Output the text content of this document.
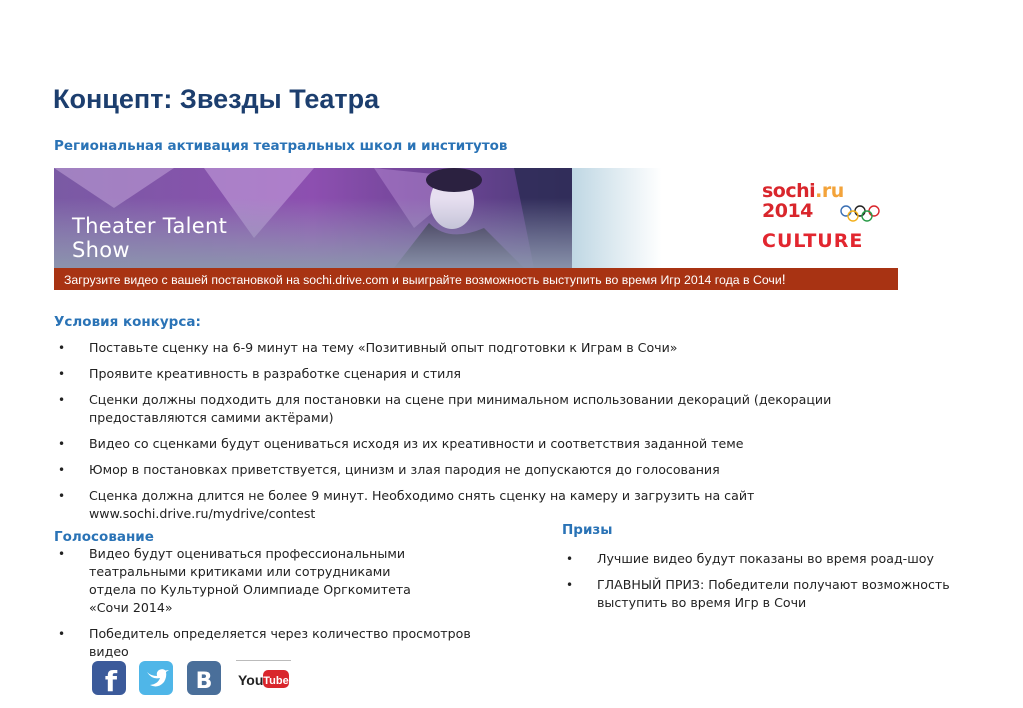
Концепт: Звезды Театра
Региональная активация театральных школ и институтов
Theater Talent
Show
sochi.ru
2014
CULTURE
Загрузите видео с вашей постановкой на sochi.drive.com и выиграйте возможность выступить во время Игр 2014 года в Сочи!
Условия конкурса:
• Поставьте сценку на 6-9 минут на тему «Позитивный опыт подготовки к Играм в Сочи»
• Проявите креативность в разработке сценария и стиля
• Сценки должны подходить для постановки на сцене при минимальном использовании декораций (декорации предоставляются самими актёрами)
• Видео со сценками будут оцениваться исходя из их креативности и соответствия заданной теме
• Юмор в постановках приветствуется, цинизм и злая пародия не допускаются до голосования
• Сценка должна длится не более 9 минут. Необходимо снять сценку на камеру и загрузить на сайт www.sochi.drive.ru/mydrive/contest
Голосование
• Видео будут оцениваться профессиональными театральными критиками или сотрудниками отдела по Культурной Олимпиаде Оргкомитета «Сочи 2014»
• Победитель определяется через количество просмотров видео
Призы
• Лучшие видео будут показаны во время роад-шоу
• ГЛАВНЫЙ ПРИЗ: Победители получают возможность выступить во время Игр в Сочи
f	B You Tube
